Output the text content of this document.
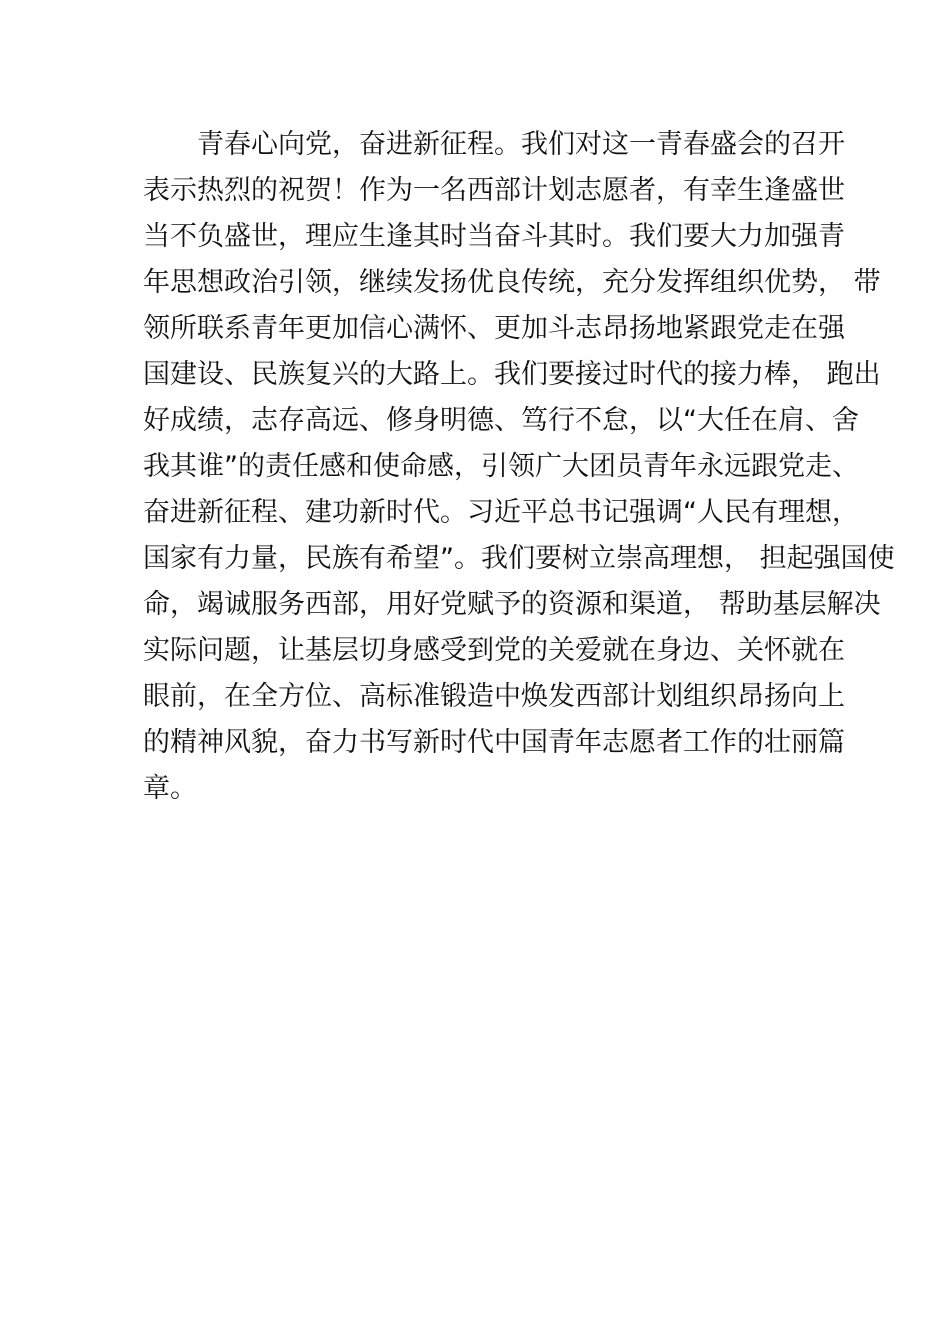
　　青春心向党，奋进新征程。我们对这一青春盛会的召开
表示热烈的祝贺！作为一名西部计划志愿者，有幸生逢盛世
当不负盛世，理应生逢其时当奋斗其时。我们要大力加强青
年思想政治引领，继续发扬优良传统，充分发挥组织优势， 带
领所联系青年更加信心满怀、更加斗志昂扬地紧跟党走在强
国建设、民族复兴的大路上。我们要接过时代的接力棒， 跑出
好成绩，志存高远、修身明德、笃行不怠，以“大任在肩、舍
我其谁”的责任感和使命感，引领广大团员青年永远跟党走、
奋进新征程、建功新时代。习近平总书记强调“人民有理想，
国家有力量，民族有希望”。我们要树立崇高理想， 担起强国使
命，竭诚服务西部，用好党赋予的资源和渠道， 帮助基层解决
实际问题，让基层切身感受到党的关爱就在身边、关怀就在
眼前，在全方位、高标准锻造中焕发西部计划组织昂扬向上
的精神风貌，奋力书写新时代中国青年志愿者工作的壮丽篇
章。
